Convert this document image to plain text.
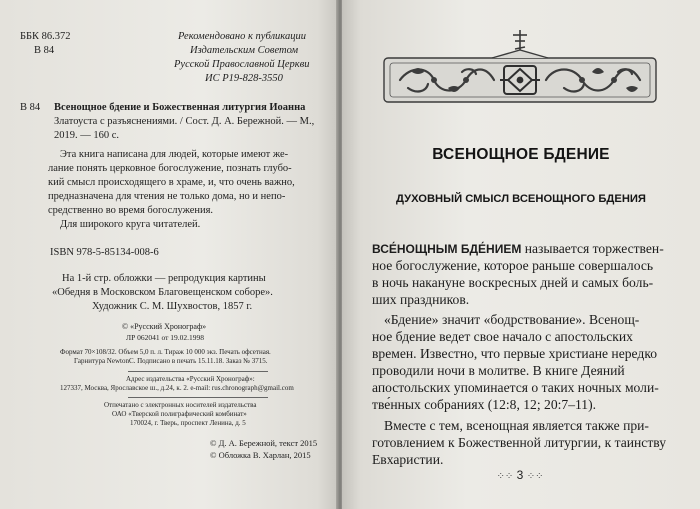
ББК 86.372
В 84
Рекомендовано к публикации
Издательским Советом
Русской Православной Церкви
ИС Р19-828-3550
В 84 Всенощное бдение и Божественная литургия Иоанна
Златоуста с разъяснениями. / Сост. Д. А. Бережной. — М.,
2019. — 160 с.
Эта книга написана для людей, которые имеют же-
лание понять церковное богослужение, познать глубо-
кий смысл происходящего в храме, и, что очень важно,
предназначена для чтения не только дома, но и непо-
средственно во время богослужения.
Для широкого круга читателей.
ISBN 978-5-85134-008-6
На 1-й стр. обложки — репродукция картины
«Обедня в Московском Благовещенском соборе».
Художник С. М. Шухвостов, 1857 г.
© «Русский Хронограф»
ЛР 062041 от 19.02.1998
Формат 70×108/32. Объем 5,0 п. л. Тираж 10 000 экз. Печать офсетная.
Гарнитура NewtonC. Подписано в печать 15.11.18. Заказ № 3715.
Адрес издательства «Русский Хронограф»:
127337, Москва, Ярославское ш., д.24, к. 2. e-mail: rus.chronograph@gmail.com
Отпечатано с электронных носителей издательства
ОАО «Тверской полиграфический комбинат»
170024, г. Тверь, проспект Ленина, д. 5
© Д. А. Бережной, текст 2015
© Обложка В. Харлан, 2015
ВСЕНОЩНОЕ БДЕНИЕ
ДУХОВНЫЙ СМЫСЛ ВСЕНОЩНОГО БДЕНИЯ
ВСЕ́НОЩНЫМ БДЕ́НИЕМ называется торжествен-
ное богослужение, которое раньше совершалось
в ночь накануне воскресных дней и самых боль-
ших праздников.
«Бдение» значит «бодрствование». Всенощ-
ное бдение ведет свое начало с апостольских
времен. Известно, что первые христиане нередко
проводили ночи в молитве. В книге Деяний
апостольских упоминается о таких ночных моли-
тве́нных собраниях (12:8, 12; 20:7–11).
Вместе с тем, всенощная является также при-
готовлением к Божественной литургии, к таинству
Евхаристии.
⁘⁘ 3 ⁘⁘
